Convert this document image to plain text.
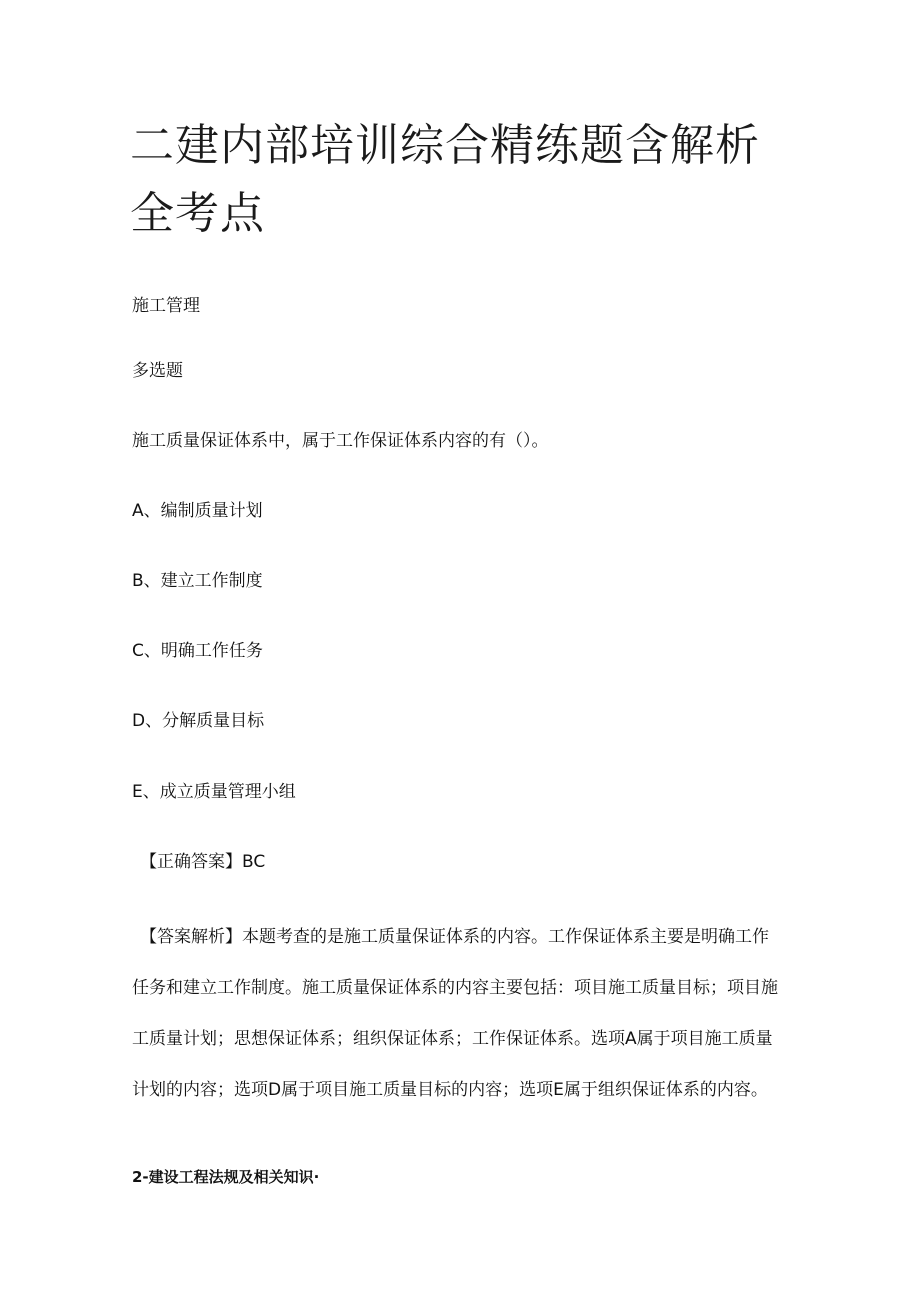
二建内部培训综合精练题含解析全考点
施工管理
多选题
施工质量保证体系中，属于工作保证体系内容的有（）。
A、编制质量计划
B、建立工作制度
C、明确工作任务
D、分解质量目标
E、成立质量管理小组
【正确答案】BC

【答案解析】本题考查的是施工质量保证体系的内容。工作保证体系主要是明确工作任务和建立工作制度。施工质量保证体系的内容主要包括：项目施工质量目标；项目施工质量计划；思想保证体系；组织保证体系；工作保证体系。选项A属于项目施工质量计划的内容；选项D属于项目施工质量目标的内容；选项E属于组织保证体系的内容。

2-建设工程法规及相关知识·
